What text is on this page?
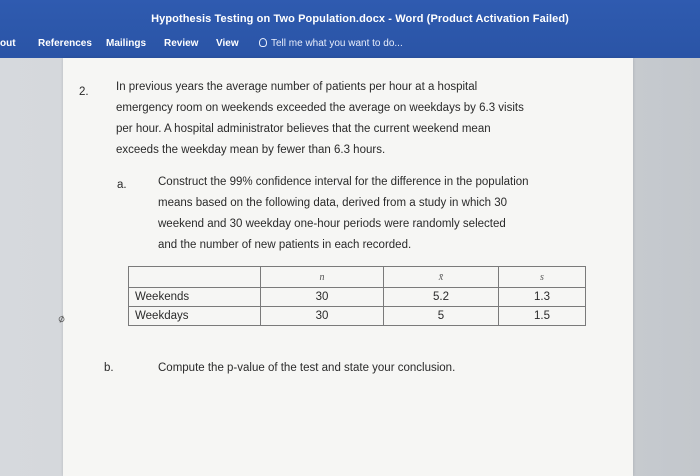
Hypothesis Testing on Two Population.docx - Word (Product Activation Failed)
out References Mailings Review View	Tell me what you want to do...
2. In previous years the average number of patients per hour at a hospital
emergency room on weekends exceeded the average on weekdays by 6.3 visits
per hour. A hospital administrator believes that the current weekend mean
exceeds the weekday mean by fewer than 6.3 hours.
a.	Construct the 99% confidence interval for the difference in the population
means based on the following data, derived from a study in which 30
weekend and 30 weekday one-hour periods were randomly selected
and the number of new patients in each recorded.
	n	x̄	s
Weekends	30	5.2	1.3
Weekdays	30	5	1.5
⌀
b.	Compute the p-value of the test and state your conclusion.
